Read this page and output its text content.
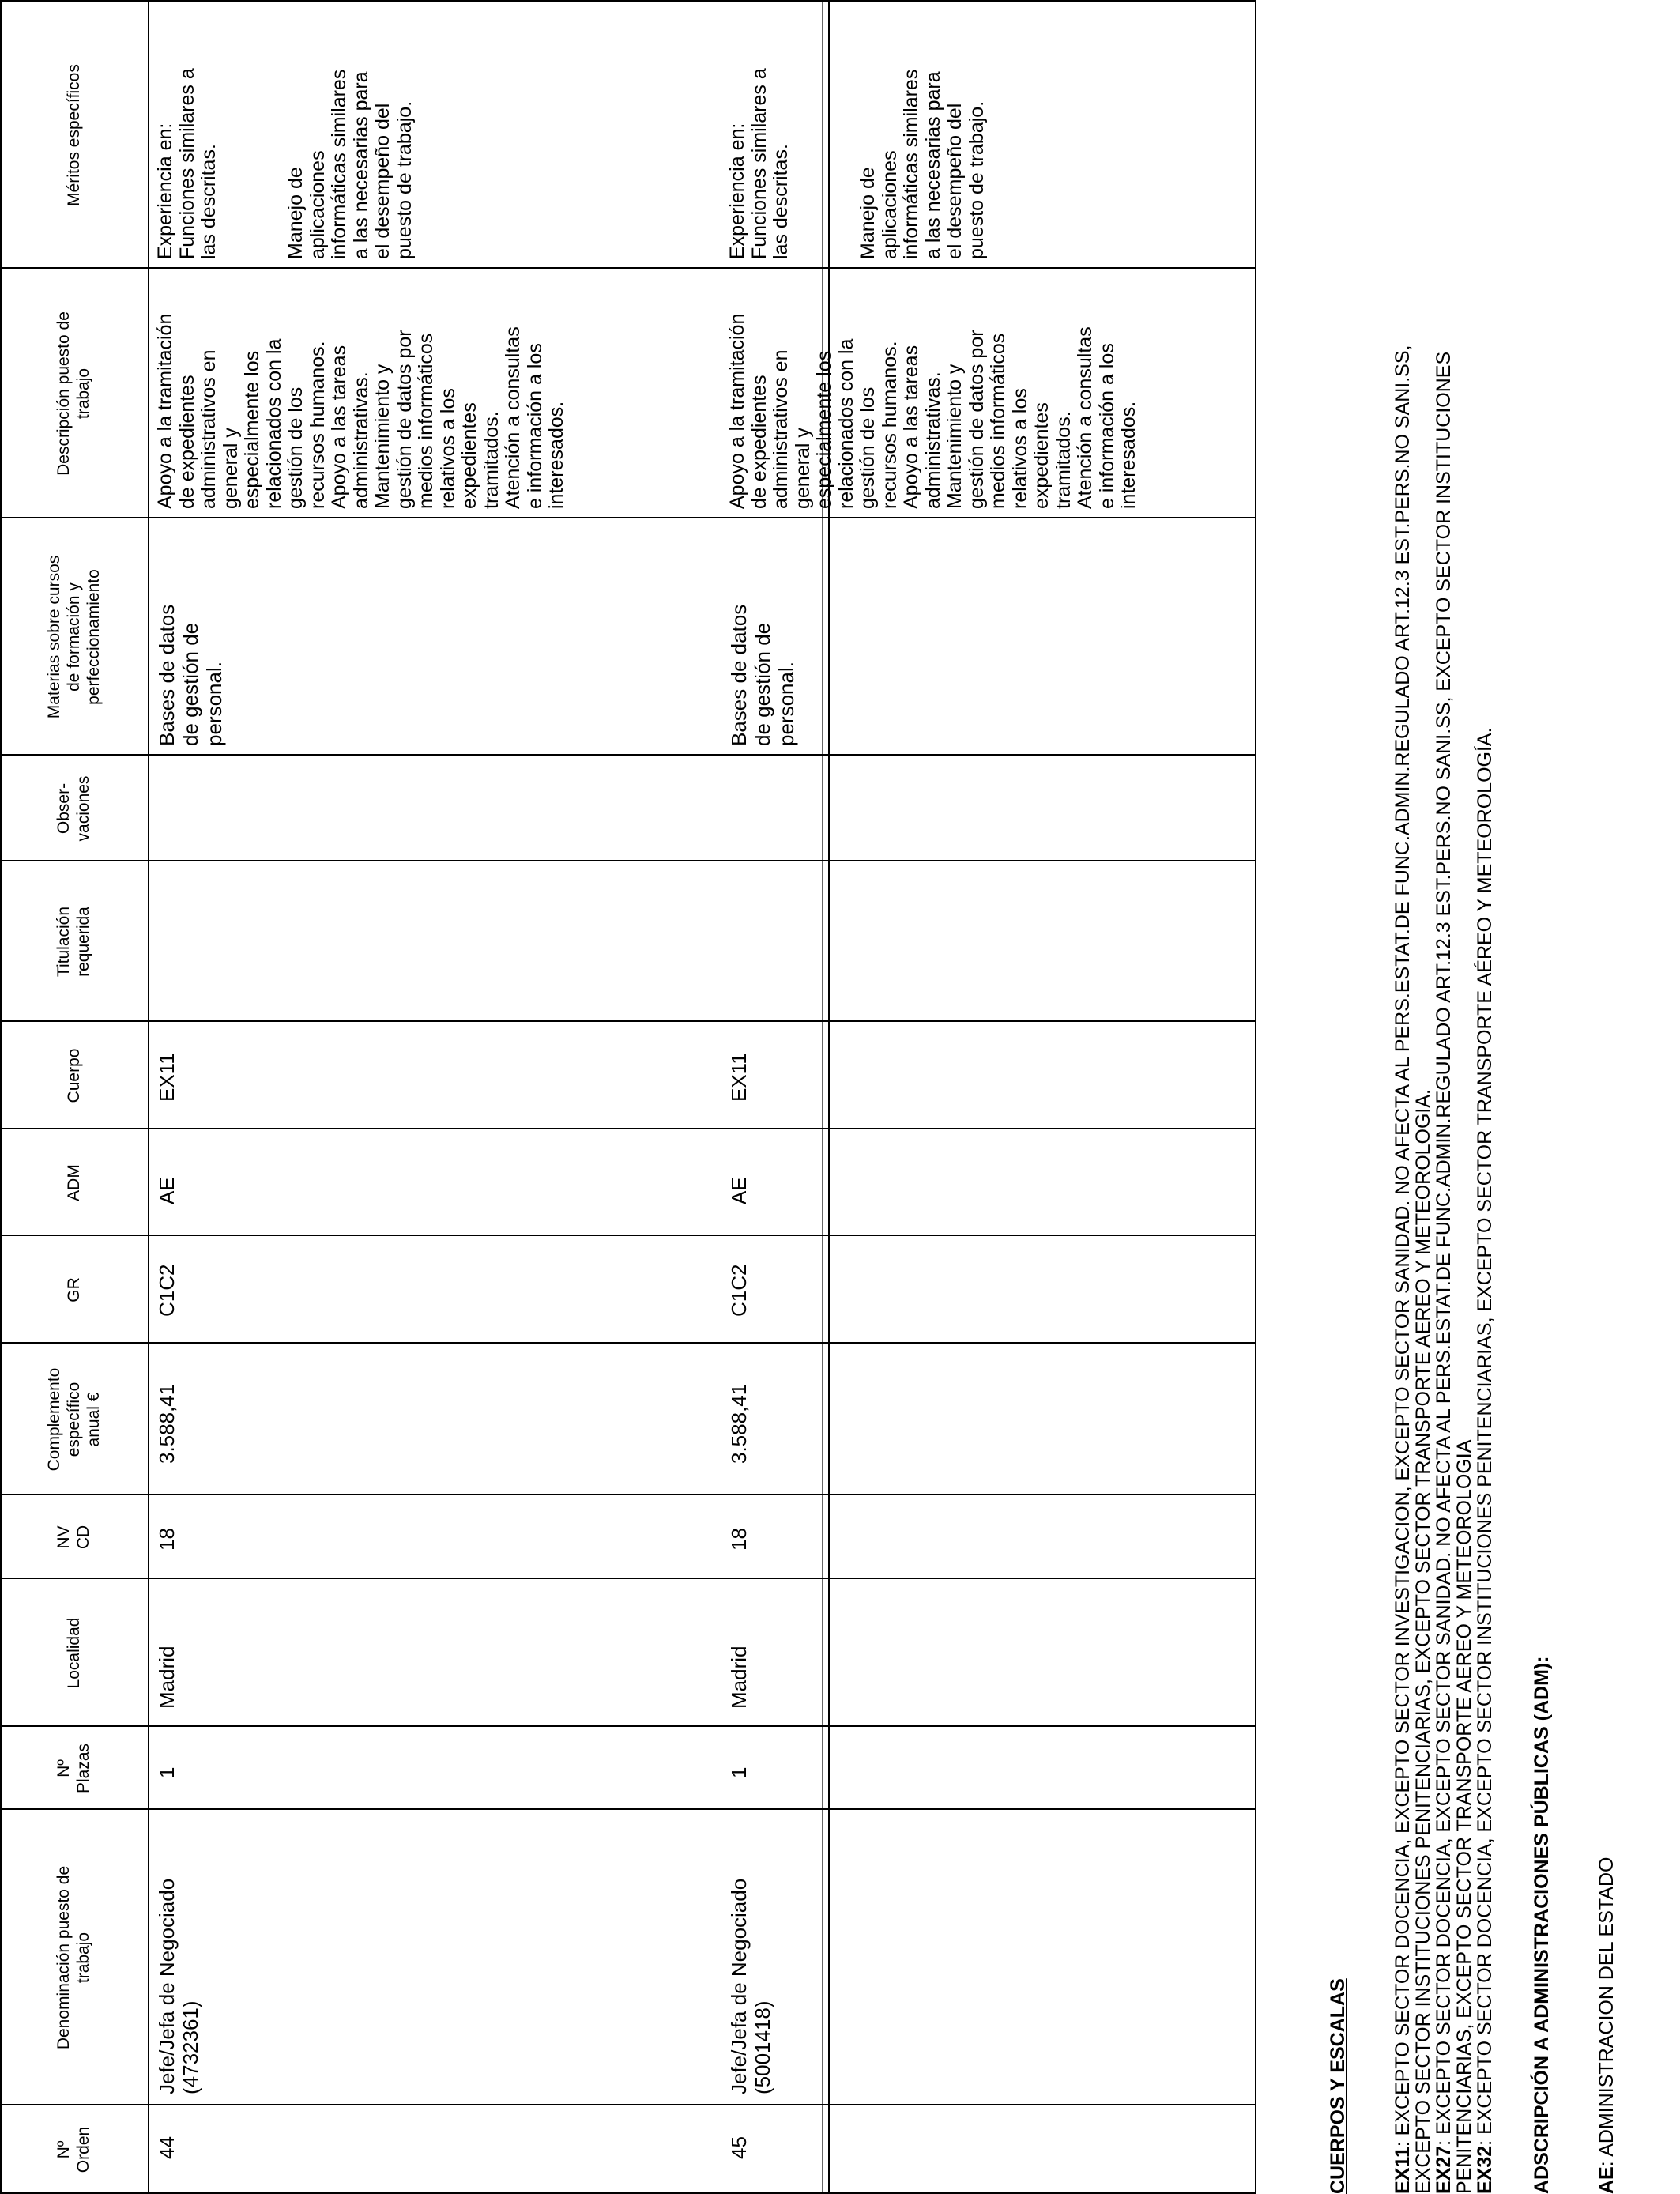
Nº
Orden
Denominación puesto de
trabajo
Nº
Plazas
Localidad
NV
CD
Complemento
específico
anual €
GR
ADM
Cuerpo
Titulación
requerida
Obser-
vaciones
Materias sobre cursos
de formación y
perfeccionamiento
Descripción puesto de
trabajo
Méritos específicos
44
Jefe/Jefa de Negociado
(4732361)
1
Madrid
18
3.588,41
C1C2
AE
EX11
Bases de datos
de gestión de
personal.
Apoyo a la tramitación
de expedientes
administrativos en
general y
especialmente los
relacionados con la
gestión de los
recursos humanos.
Apoyo a las tareas
administrativas.
Mantenimiento y
gestión de datos por
medios informáticos
relativos a los
expedientes
tramitados.
Atención a consultas
e información a los
interesados.
Experiencia en:
Funciones similares a
las descritas.

Manejo de
aplicaciones
informáticas similares
a las necesarias para
el desempeño del
puesto de trabajo.
45
Jefe/Jefa de Negociado
(5001418)
1
Madrid
18
3.588,41
C1C2
AE
EX11
Bases de datos
de gestión de
personal.
Apoyo a la tramitación
de expedientes
administrativos en
general y
especialmente los
relacionados con la
gestión de los
recursos humanos.
Apoyo a las tareas
administrativas.
Mantenimiento y
gestión de datos por
medios informáticos
relativos a los
expedientes
tramitados.
Atención a consultas
e información a los
interesados.
Experiencia en:
Funciones similares a
las descritas.

Manejo de
aplicaciones
informáticas similares
a las necesarias para
el desempeño del
puesto de trabajo.
CUERPOS Y ESCALAS EX11: EXCEPTO SECTOR DOCENCIA, EXCEPTO SECTOR INVESTIGACION, EXCEPTO SECTOR SANIDAD. NO AFECTA AL PERS.ESTAT.DE FUNC.ADMIN.REGULADO ART.12.3 EST.PERS.NO SANI.SS,
EXCEPTO SECTOR INSTITUCIONES PENITENCIARIAS, EXCEPTO SECTOR TRANSPORTE AEREO Y METEOROLOGIA.
EX27: EXCEPTO SECTOR DOCENCIA, EXCEPTO SECTOR SANIDAD. NO AFECTA AL PERS.ESTAT.DE FUNC.ADMIN.REGULADO ART.12.3 EST.PERS.NO SANI.SS, EXCEPTO SECTOR INSTITUCIONES
PENITENCIARIAS, EXCEPTO SECTOR TRANSPORTE AEREO Y METEOROLOGIA
EX32: EXCEPTO SECTOR DOCENCIA, EXCEPTO SECTOR INSTITUCIONES PENITENCIARIAS, EXCEPTO SECTOR TRANSPORTE AÉREO Y METEOROLOGÍA. ADSCRIPCIÓN A ADMINISTRACIONES PÚBLICAS (ADM): AE: ADMINISTRACION DEL ESTADO
